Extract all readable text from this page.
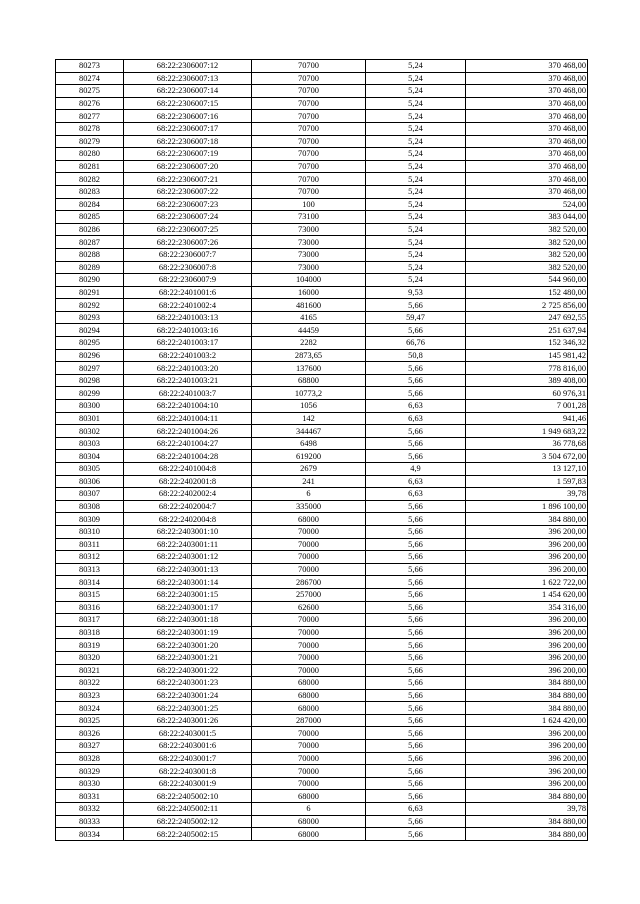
80273	68:22:2306007:12	70700	5,24	370 468,00
80274	68:22:2306007:13	70700	5,24	370 468,00
80275	68:22:2306007:14	70700	5,24	370 468,00
80276	68:22:2306007:15	70700	5,24	370 468,00
80277	68:22:2306007:16	70700	5,24	370 468,00
80278	68:22:2306007:17	70700	5,24	370 468,00
80279	68:22:2306007:18	70700	5,24	370 468,00
80280	68:22:2306007:19	70700	5,24	370 468,00
80281	68:22:2306007:20	70700	5,24	370 468,00
80282	68:22:2306007:21	70700	5,24	370 468,00
80283	68:22:2306007:22	70700	5,24	370 468,00
80284	68:22:2306007:23	100	5,24	524,00
80285	68:22:2306007:24	73100	5,24	383 044,00
80286	68:22:2306007:25	73000	5,24	382 520,00
80287	68:22:2306007:26	73000	5,24	382 520,00
80288	68:22:2306007:7	73000	5,24	382 520,00
80289	68:22:2306007:8	73000	5,24	382 520,00
80290	68:22:2306007:9	104000	5,24	544 960,00
80291	68:22:2401001:6	16000	9,53	152 480,00
80292	68:22:2401002:4	481600	5,66	2 725 856,00
80293	68:22:2401003:13	4165	59,47	247 692,55
80294	68:22:2401003:16	44459	5,66	251 637,94
80295	68:22:2401003:17	2282	66,76	152 346,32
80296	68:22:2401003:2	2873,65	50,8	145 981,42
80297	68:22:2401003:20	137600	5,66	778 816,00
80298	68:22:2401003:21	68800	5,66	389 408,00
80299	68:22:2401003:7	10773,2	5,66	60 976,31
80300	68:22:2401004:10	1056	6,63	7 001,28
80301	68:22:2401004:11	142	6,63	941,46
80302	68:22:2401004:26	344467	5,66	1 949 683,22
80303	68:22:2401004:27	6498	5,66	36 778,68
80304	68:22:2401004:28	619200	5,66	3 504 672,00
80305	68:22:2401004:8	2679	4,9	13 127,10
80306	68:22:2402001:8	241	6,63	1 597,83
80307	68:22:2402002:4	6	6,63	39,78
80308	68:22:2402004:7	335000	5,66	1 896 100,00
80309	68:22:2402004:8	68000	5,66	384 880,00
80310	68:22:2403001:10	70000	5,66	396 200,00
80311	68:22:2403001:11	70000	5,66	396 200,00
80312	68:22:2403001:12	70000	5,66	396 200,00
80313	68:22:2403001:13	70000	5,66	396 200,00
80314	68:22:2403001:14	286700	5,66	1 622 722,00
80315	68:22:2403001:15	257000	5,66	1 454 620,00
80316	68:22:2403001:17	62600	5,66	354 316,00
80317	68:22:2403001:18	70000	5,66	396 200,00
80318	68:22:2403001:19	70000	5,66	396 200,00
80319	68:22:2403001:20	70000	5,66	396 200,00
80320	68:22:2403001:21	70000	5,66	396 200,00
80321	68:22:2403001:22	70000	5,66	396 200,00
80322	68:22:2403001:23	68000	5,66	384 880,00
80323	68:22:2403001:24	68000	5,66	384 880,00
80324	68:22:2403001:25	68000	5,66	384 880,00
80325	68:22:2403001:26	287000	5,66	1 624 420,00
80326	68:22:2403001:5	70000	5,66	396 200,00
80327	68:22:2403001:6	70000	5,66	396 200,00
80328	68:22:2403001:7	70000	5,66	396 200,00
80329	68:22:2403001:8	70000	5,66	396 200,00
80330	68:22:2403001:9	70000	5,66	396 200,00
80331	68:22:2405002:10	68000	5,66	384 880,00
80332	68:22:2405002:11	6	6,63	39,78
80333	68:22:2405002:12	68000	5,66	384 880,00
80334	68:22:2405002:15	68000	5,66	384 880,00
